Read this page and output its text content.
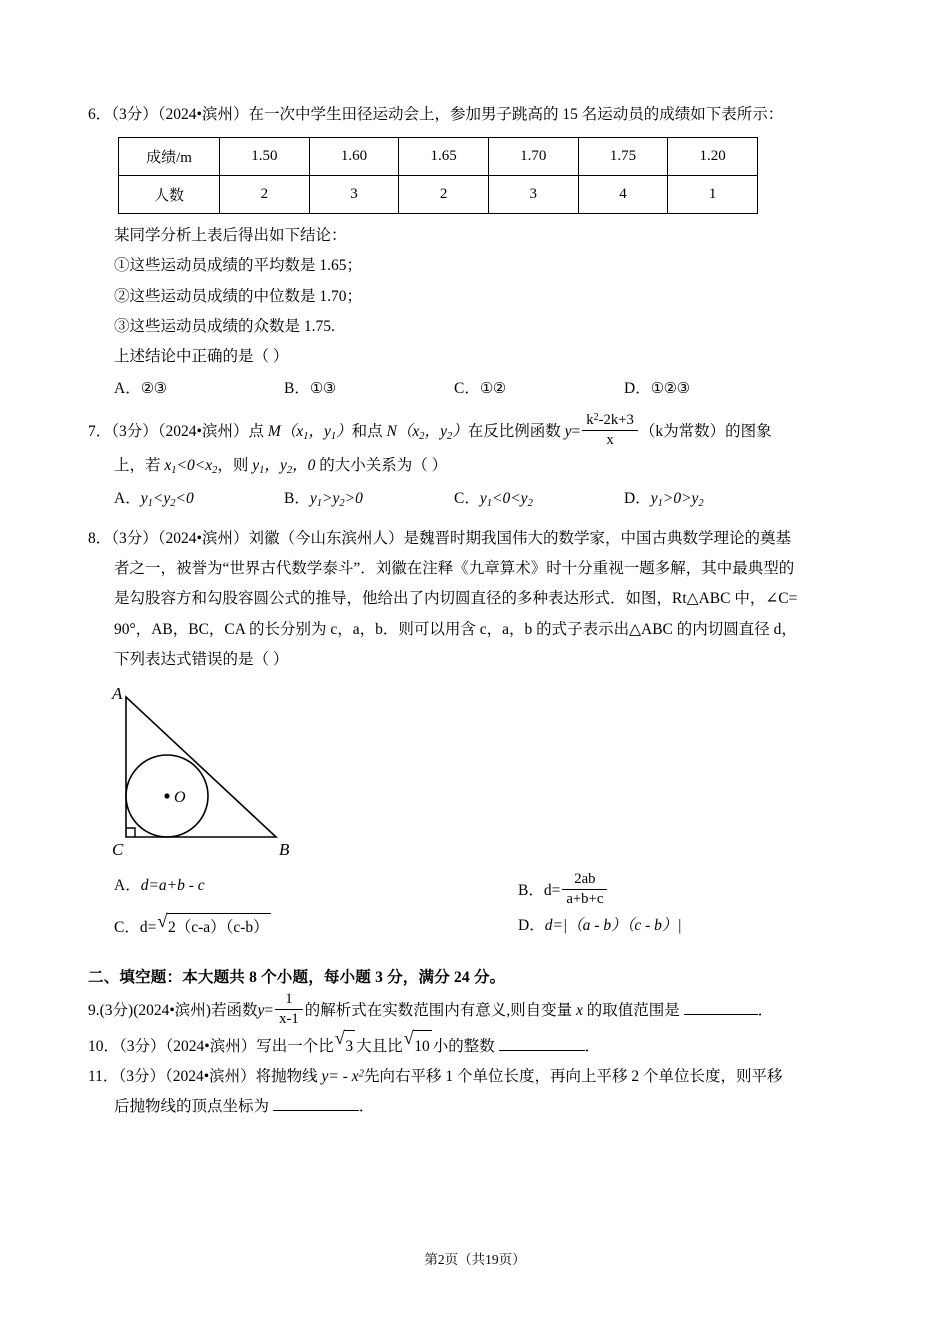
6．（3分）（2024•滨州）在一次中学生田径运动会上，参加男子跳高的 15 名运动员的成绩如下表所示：
成绩/m	1.50	1.60	1.65	1.70	1.75	1.20
人数	2	3	2	3	4	1
某同学分析上表后得出如下结论：
①这些运动员成绩的平均数是 1.65；
②这些运动员成绩的中位数是 1.70；
③这些运动员成绩的众数是 1.75.
上述结论中正确的是（ ）
A．②③	B．①③	C．①②	D．①②③
7．（3分）（2024•滨州）点 $M(x_1$，$y_1$）和点 $N(x_2$，$y_2$）在反比例函数 $y= \frac{k^2-2k+3}{x} (k$为常数）的图象
上，若 $x_1<0<x_2$，则 $y_1$，$y_2$，0 的大小关系为（ ）
A．$y_1<y_2<0$	B．$y_1>y_2>0$	C．$y_1<0<y_2$	D．$y_1>0>y_2$
8．（3分）（2024•滨州）刘徽（今山东滨州人）是魏晋时期我国伟大的数学家，中国古典数学理论的奠基
者之一，被誉为“世界古代数学泰斗”．刘徽在注释《九章算术》时十分重视一题多解，其中最典型的
是勾股容方和勾股容圆公式的推导，他给出了内切圆直径的多种表达形式．如图，Rt△ABC 中，∠C=
90°，AB，BC，CA 的长分别为 c，a，b．则可以用含 c，a，b 的式子表示出△ABC 的内切圆直径 d，
下列表达式错误的是（ ）
A
C	B
O
A．d=a+b - c	B．$d= \frac{2ab}{a+b+c}$
C．d= √ 2（c-a）（c-b）	D．d=|（a - b）（c - b）|
二、填空题：本大题共 8 个小题，每小题 3 分，满分 24 分。
9.(3分)(2024•滨州)若函数$y= \frac{1}{x-1}$ 的解析式在实数范围内有意义,则自变量 x 的取值范围是	．
10．（3分）（2024•滨州）写出一个比 √ 3 大且比 √ 10 小的整数	．
11．（3分）（2024•滨州）将抛物线 $y= - x^2$先向右平移 1 个单位长度，再向上平移 2 个单位长度，则平移
后抛物线的顶点坐标为	．
第2页（共19页）
